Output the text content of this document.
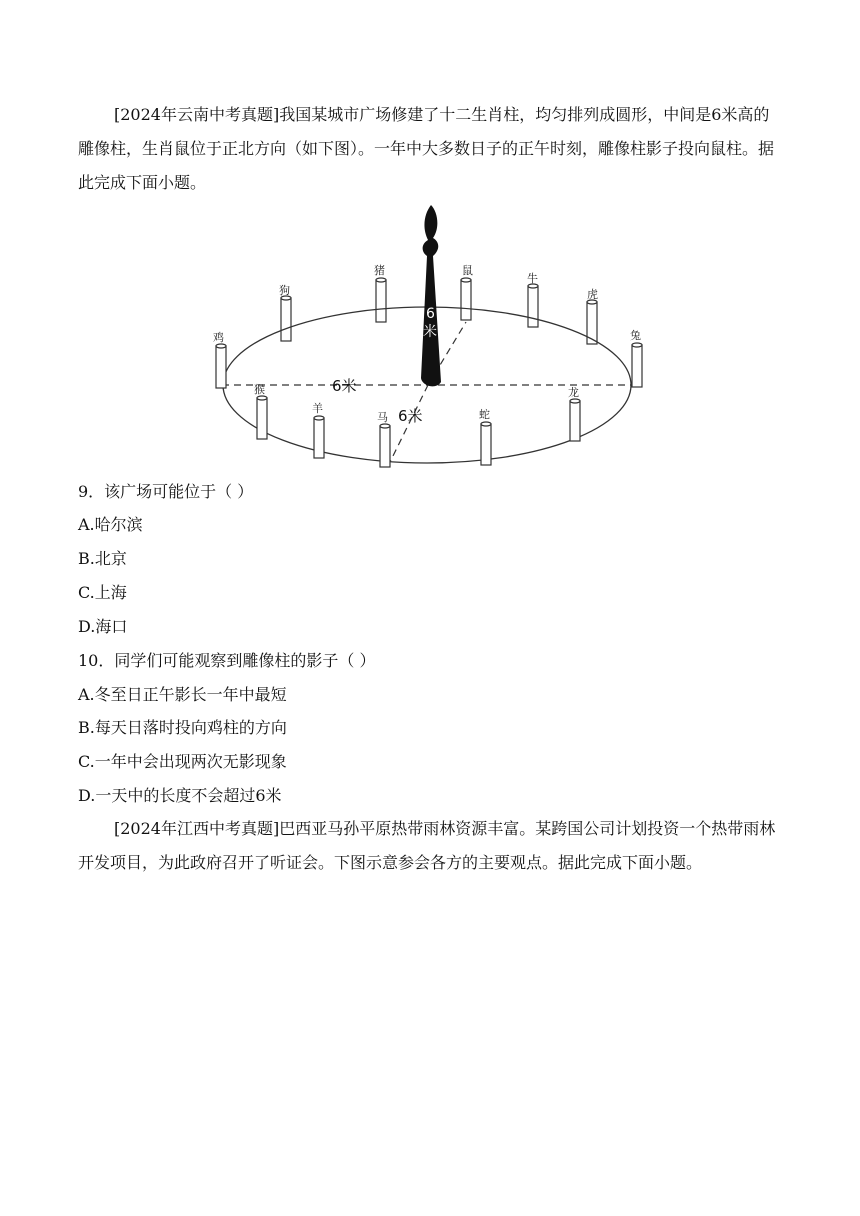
[2024年云南中考真题]我国某城市广场修建了十二生肖柱，均匀排列成圆形，中间是6米高的雕像柱，生肖鼠位于正北方向（如下图）。一年中大多数日子的正午时刻，雕像柱影子投向鼠柱。据此完成下面小题。
狗
猪	鼠
牛
虎
鸡	兔
猴
羊
马	蛇
龙
6
米
6米
6米
9．该广场可能位于（ ）
A.哈尔滨
B.北京
C.上海
D.海口
10．同学们可能观察到雕像柱的影子（ ）
A.冬至日正午影长一年中最短
B.每天日落时投向鸡柱的方向
C.一年中会出现两次无影现象
D.一天中的长度不会超过6米
[2024年江西中考真题]巴西亚马孙平原热带雨林资源丰富。某跨国公司计划投资一个热带雨林开发项目，为此政府召开了听证会。下图示意参会各方的主要观点。据此完成下面小题。
